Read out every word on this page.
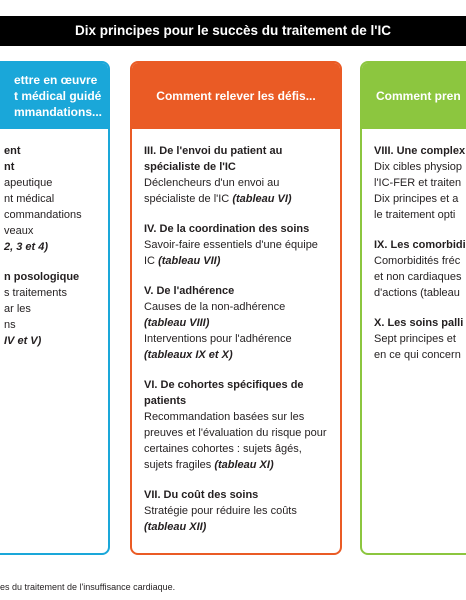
Dix principes pour le succès du traitement de l'IC
ettre en œuvre
t médical guidé
mmandations...
ent
nt
apeutique
nt médical
commandations
veaux
2, 3 et 4)
n posologique
s traitements
ar les
ns
IV et V)
Comment relever les défis...
III. De l'envoi du patient au spécialiste de l'IC
Déclencheurs d'un envoi au spécialiste de l'IC (tableau VI)
IV. De la coordination des soins
Savoir-faire essentiels d'une équipe IC (tableau VII)
V. De l'adhérence
Causes de la non-adhérence
(tableau VIII)
Interventions pour l'adhérence
(tableaux IX et X)
VI. De cohortes spécifiques de patients
Recommandation basées sur les preuves et l'évaluation du risque pour certaines cohortes : sujets âgés, sujets fragiles (tableau XI)
VII. Du coût des soins
Stratégie pour réduire les coûts
(tableau XII)
Comment pren
VIII. Une complex
Dix cibles physiop
l'IC-FER et traiten
Dix principes et a
le traitement opti
IX. Les comorbidi
Comorbidités fréc
et non cardiaques
d'actions (tableau
X. Les soins palli
Sept principes et
en ce qui concern
es du traitement de l'insuffisance cardiaque.
